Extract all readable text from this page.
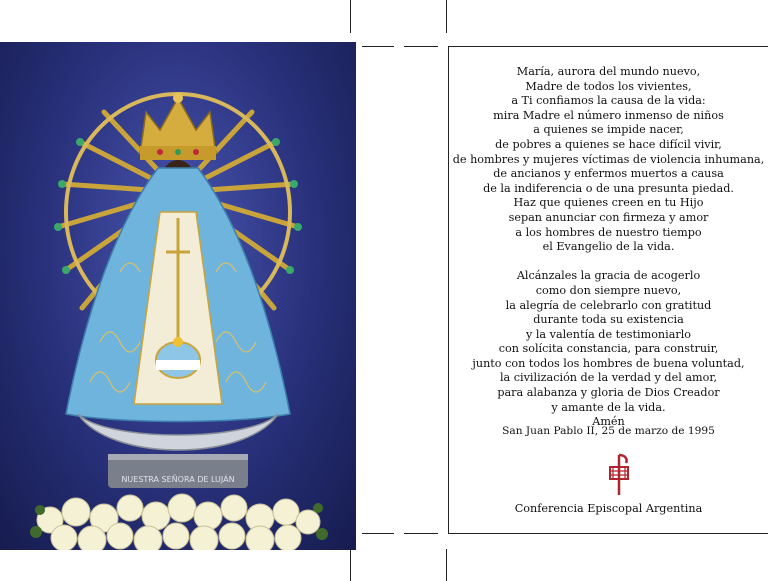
NUESTRA SEÑORA DE LUJÁN

María, aurora del mundo nuevo,
Madre de todos los vivientes,
a Ti confiamos la causa de la vida:
mira Madre el número inmenso de niños
a quienes se impide nacer,
de pobres a quienes se hace difícil vivir,
de hombres y mujeres víctimas de violencia inhumana,
de ancianos y enfermos muertos a causa
de la indiferencia o de una presunta piedad.
Haz que quienes creen en tu Hijo
sepan anunciar con firmeza y amor
a los hombres de nuestro tiempo
el Evangelio de la vida.

Alcánzales la gracia de acogerlo
como don siempre nuevo,
la alegría de celebrarlo con gratitud
durante toda su existencia
y la valentía de testimoniarlo
con solícita constancia, para construir,
junto con todos los hombres de buena voluntad,
la civilización de la verdad y del amor,
para alabanza y gloria de Dios Creador
y amante de la vida.
Amén

San Juan Pablo II, 25 de marzo de 1995
Conferencia Episcopal Argentina
